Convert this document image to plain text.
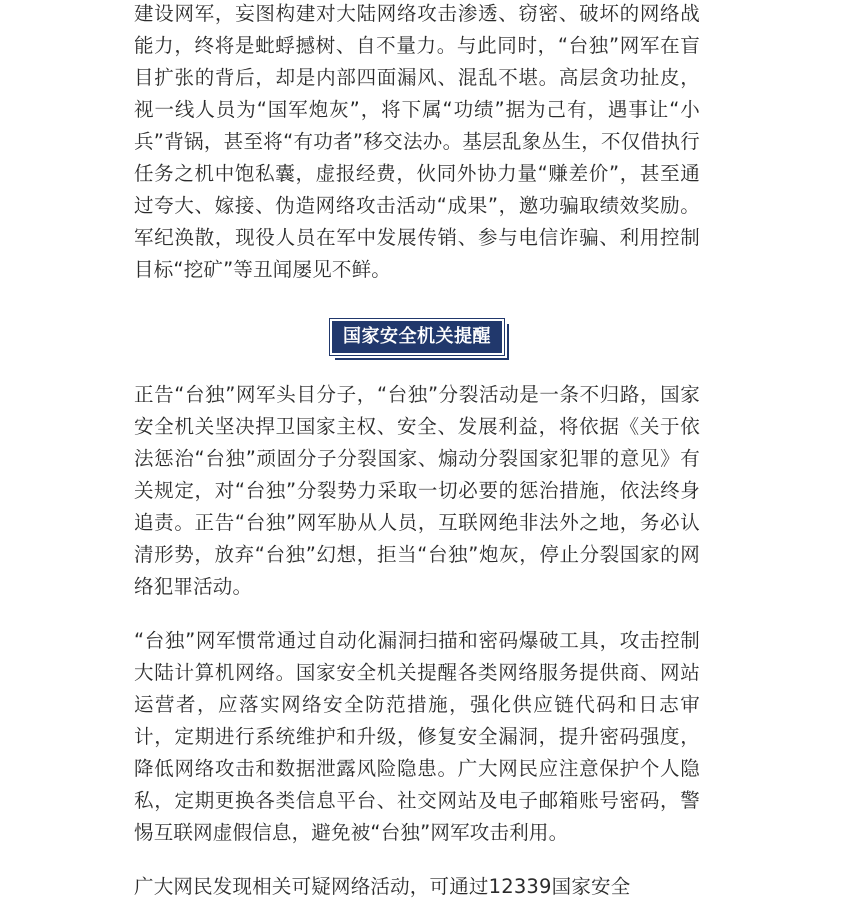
建设网军，妄图构建对大陆网络攻击渗透、窃密、破坏的网络战能力，终将是蚍蜉撼树、自不量力。与此同时，“台独”网军在盲目扩张的背后，却是内部四面漏风、混乱不堪。高层贪功扯皮，视一线人员为“国军炮灰”，将下属“功绩”据为己有，遇事让“小兵”背锅，甚至将“有功者”移交法办。基层乱象丛生，不仅借执行任务之机中饱私囊，虚报经费，伙同外协力量“赚差价”，甚至通过夸大、嫁接、伪造网络攻击活动“成果”，邀功骗取绩效奖励。军纪涣散，现役人员在军中发展传销、参与电信诈骗、利用控制目标“挖矿”等丑闻屡见不鲜。

国家安全机关提醒

正告“台独”网军头目分子，“台独”分裂活动是一条不归路，国家安全机关坚决捍卫国家主权、安全、发展利益，将依据《关于依法惩治“台独”顽固分子分裂国家、煽动分裂国家犯罪的意见》有关规定，对“台独”分裂势力采取一切必要的惩治措施，依法终身追责。正告“台独”网军胁从人员，互联网绝非法外之地，务必认清形势，放弃“台独”幻想，拒当“台独”炮灰，停止分裂国家的网络犯罪活动。

“台独”网军惯常通过自动化漏洞扫描和密码爆破工具，攻击控制大陆计算机网络。国家安全机关提醒各类网络服务提供商、网站运营者，应落实网络安全防范措施，强化供应链代码和日志审计，定期进行系统维护和升级，修复安全漏洞，提升密码强度，降低网络攻击和数据泄露风险隐患。广大网民应注意保护个人隐私，定期更换各类信息平台、社交网站及电子邮箱账号密码，警惕互联网虚假信息，避免被“台独”网军攻击利用。

广大网民发现相关可疑网络活动，可通过12339国家安全
